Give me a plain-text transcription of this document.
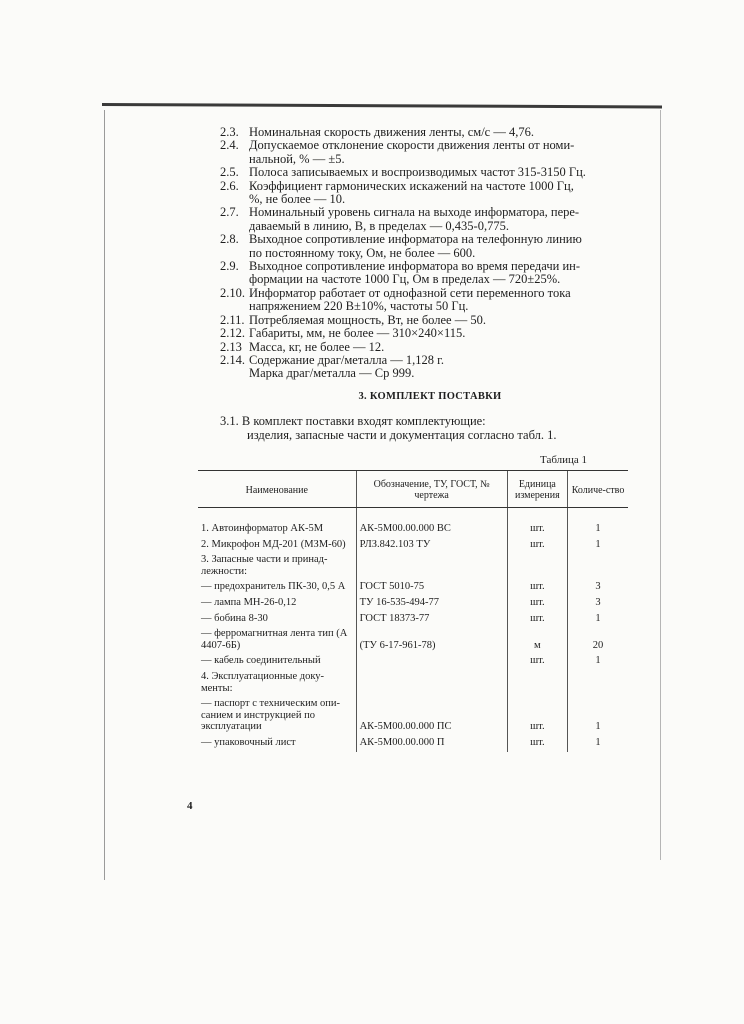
2.3. Номинальная скорость движения ленты, см/с — 4,76.
2.4. Допускаемое отклонение скорости движения ленты от номи-
нальной, % — ±5.
2.5. Полоса записываемых и воспроизводимых частот 315-3150 Гц.
2.6. Коэффициент гармонических искажений на частоте 1000 Гц,
%, не более — 10.
2.7. Номинальный уровень сигнала на выходе информатора, пере-
даваемый в линию, В, в пределах — 0,435-0,775.
2.8. Выходное сопротивление информатора на телефонную линию
по постоянному току, Ом, не более — 600.
2.9. Выходное сопротивление информатора во время передачи ин-
формации на частоте 1000 Гц, Ом в пределах — 720±25%.
2.10. Информатор работает от однофазной сети переменного тока
напряжением 220 В±10%, частоты 50 Гц.
2.11. Потребляемая мощность, Вт, не более — 50.
2.12. Габариты, мм, не более — 310×240×115.
2.13 Масса, кг, не более — 12.
2.14. Содержание драг/металла — 1,128 г.
Марка драг/металла — Ср 999.
3. КОМПЛЕКТ ПОСТАВКИ
3.1. В комплект поставки входят комплектующие:
изделия, запасные части и документация согласно табл. 1.
Таблица 1
Наименование	Обозначение, ТУ, ГОСТ, № чертежа	Единица измерения	Количе-ство

1. Автоинформатор АК-5М	АК-5М00.00.000 ВС	шт.	1
2. Микрофон МД-201 (МЗМ-60)	РЛЗ.842.103 ТУ	шт.	1
3. Запасные части и принад-лежности:			
— предохранитель ПК-30, 0,5 А	ГОСТ 5010-75	шт.	3
— лампа МН-26-0,12	ТУ 16-535-494-77	шт.	3
— бобина 8-30	ГОСТ 18373-77	шт.	1
— ферромагнитная лента тип (А 4407-6Б)	(ТУ 6-17-961-78)	м	20
— кабель соединительный		шт.	1
4. Эксплуатационные доку-менты:			
— паспорт с техническим опи-санием и инструкцией по эксплуатации	АК-5М00.00.000 ПС	шт.	1
— упаковочный лист	АК-5М00.00.000 П	шт.	1
4
